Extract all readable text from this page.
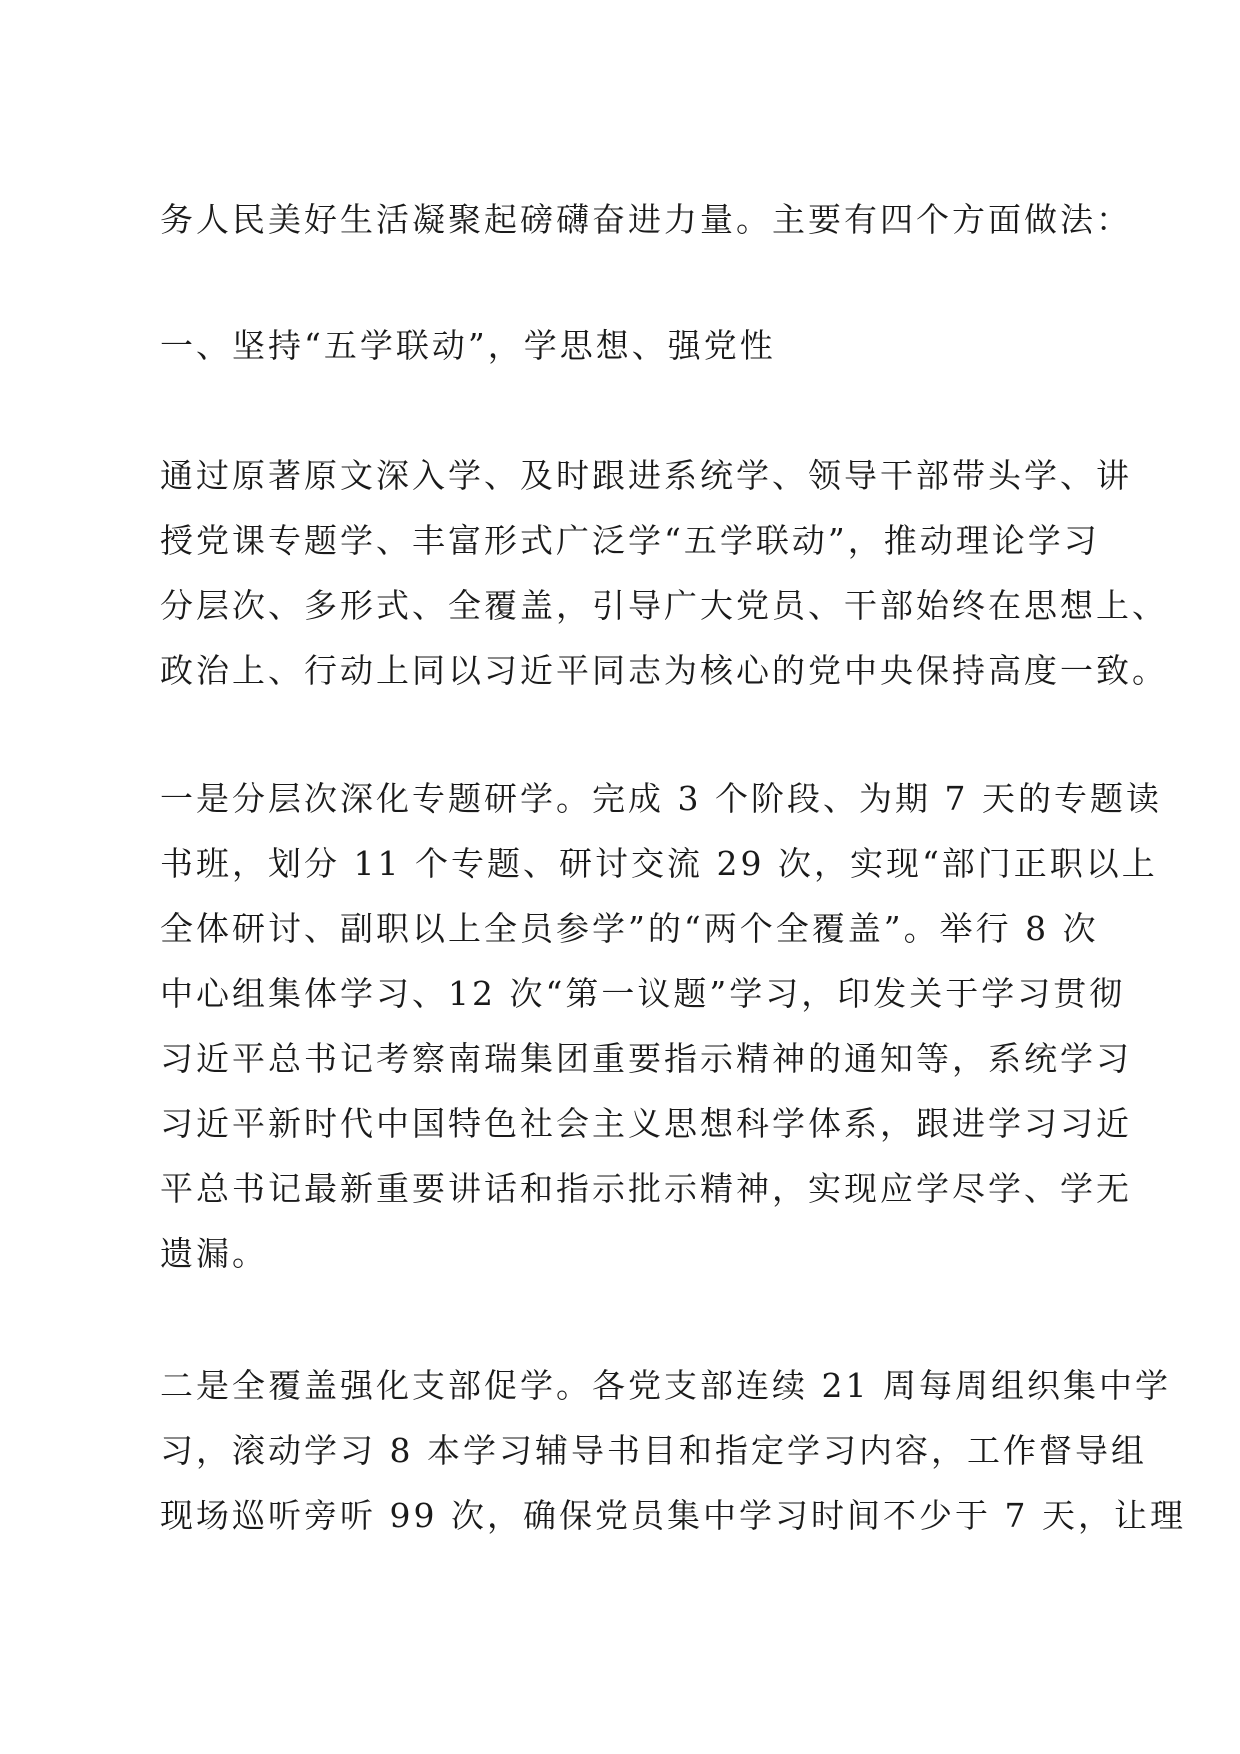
务人民美好生活凝聚起磅礴奋进力量。主要有四个方面做法：
一、坚持“五学联动”，学思想、强党性
通过原著原文深入学、及时跟进系统学、领导干部带头学、讲
授党课专题学、丰富形式广泛学“五学联动”，推动理论学习
分层次、多形式、全覆盖，引导广大党员、干部始终在思想上、
政治上、行动上同以习近平同志为核心的党中央保持高度一致。
一是分层次深化专题研学。完成 3 个阶段、为期 7 天的专题读
书班，划分 11 个专题、研讨交流 29 次，实现“部门正职以上
全体研讨、副职以上全员参学”的“两个全覆盖”。举行 8 次
中心组集体学习、12 次“第一议题”学习，印发关于学习贯彻
习近平总书记考察南瑞集团重要指示精神的通知等，系统学习
习近平新时代中国特色社会主义思想科学体系，跟进学习习近
平总书记最新重要讲话和指示批示精神，实现应学尽学、学无
遗漏。
二是全覆盖强化支部促学。各党支部连续 21 周每周组织集中学
习，滚动学习 8 本学习辅导书目和指定学习内容，工作督导组
现场巡听旁听 99 次，确保党员集中学习时间不少于 7 天，让理
